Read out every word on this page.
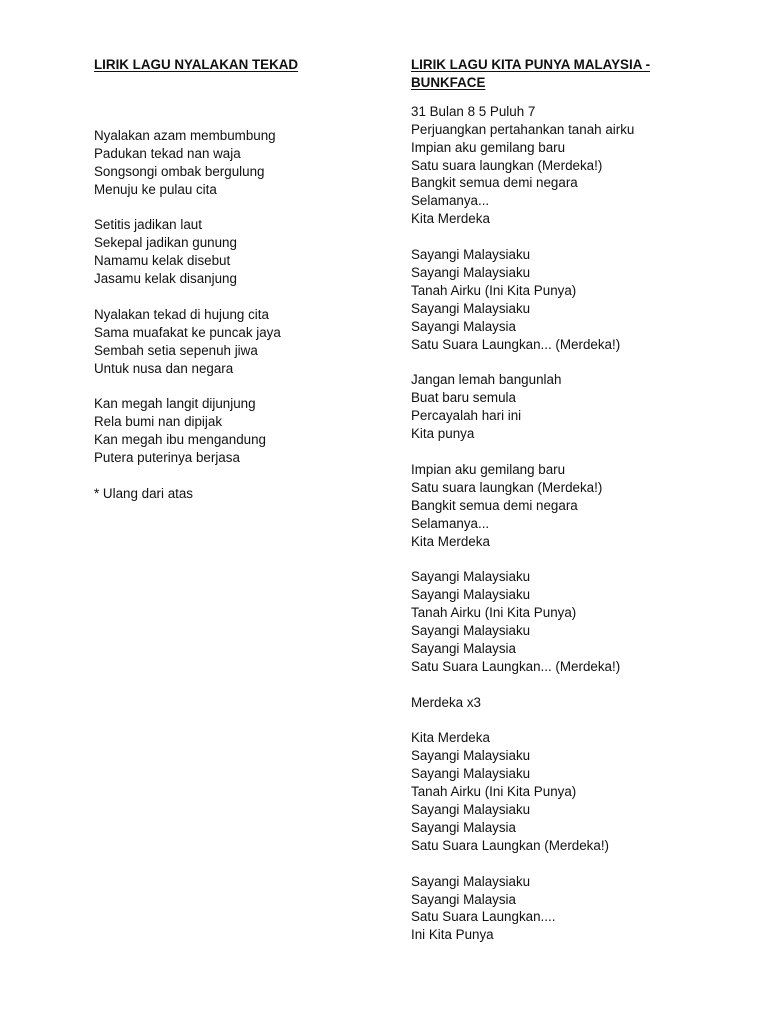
LIRIK LAGU NYALAKAN TEKAD
Nyalakan azam membumbung
Padukan tekad nan waja
Songsongi ombak bergulung
Menuju ke pulau cita
Setitis jadikan laut
Sekepal jadikan gunung
Namamu kelak disebut
Jasamu kelak disanjung
Nyalakan tekad di hujung cita
Sama muafakat ke puncak jaya
Sembah setia sepenuh jiwa
Untuk nusa dan negara
Kan megah langit dijunjung
Rela bumi nan dipijak
Kan megah ibu mengandung
Putera puterinya berjasa
* Ulang dari atas
LIRIK LAGU KITA PUNYA MALAYSIA -
BUNKFACE
31 Bulan 8 5 Puluh 7
Perjuangkan pertahankan tanah airku
Impian aku gemilang baru
Satu suara laungkan (Merdeka!)
Bangkit semua demi negara
Selamanya...
Kita Merdeka
Sayangi Malaysiaku
Sayangi Malaysiaku
Tanah Airku (Ini Kita Punya)
Sayangi Malaysiaku
Sayangi Malaysia
Satu Suara Laungkan... (Merdeka!)
Jangan lemah bangunlah
Buat baru semula
Percayalah hari ini
Kita punya
Impian aku gemilang baru
Satu suara laungkan (Merdeka!)
Bangkit semua demi negara
Selamanya...
Kita Merdeka
Sayangi Malaysiaku
Sayangi Malaysiaku
Tanah Airku (Ini Kita Punya)
Sayangi Malaysiaku
Sayangi Malaysia
Satu Suara Laungkan... (Merdeka!)
Merdeka x3
Kita Merdeka
Sayangi Malaysiaku
Sayangi Malaysiaku
Tanah Airku (Ini Kita Punya)
Sayangi Malaysiaku
Sayangi Malaysia
Satu Suara Laungkan (Merdeka!)
Sayangi Malaysiaku
Sayangi Malaysia
Satu Suara Laungkan....
Ini Kita Punya
